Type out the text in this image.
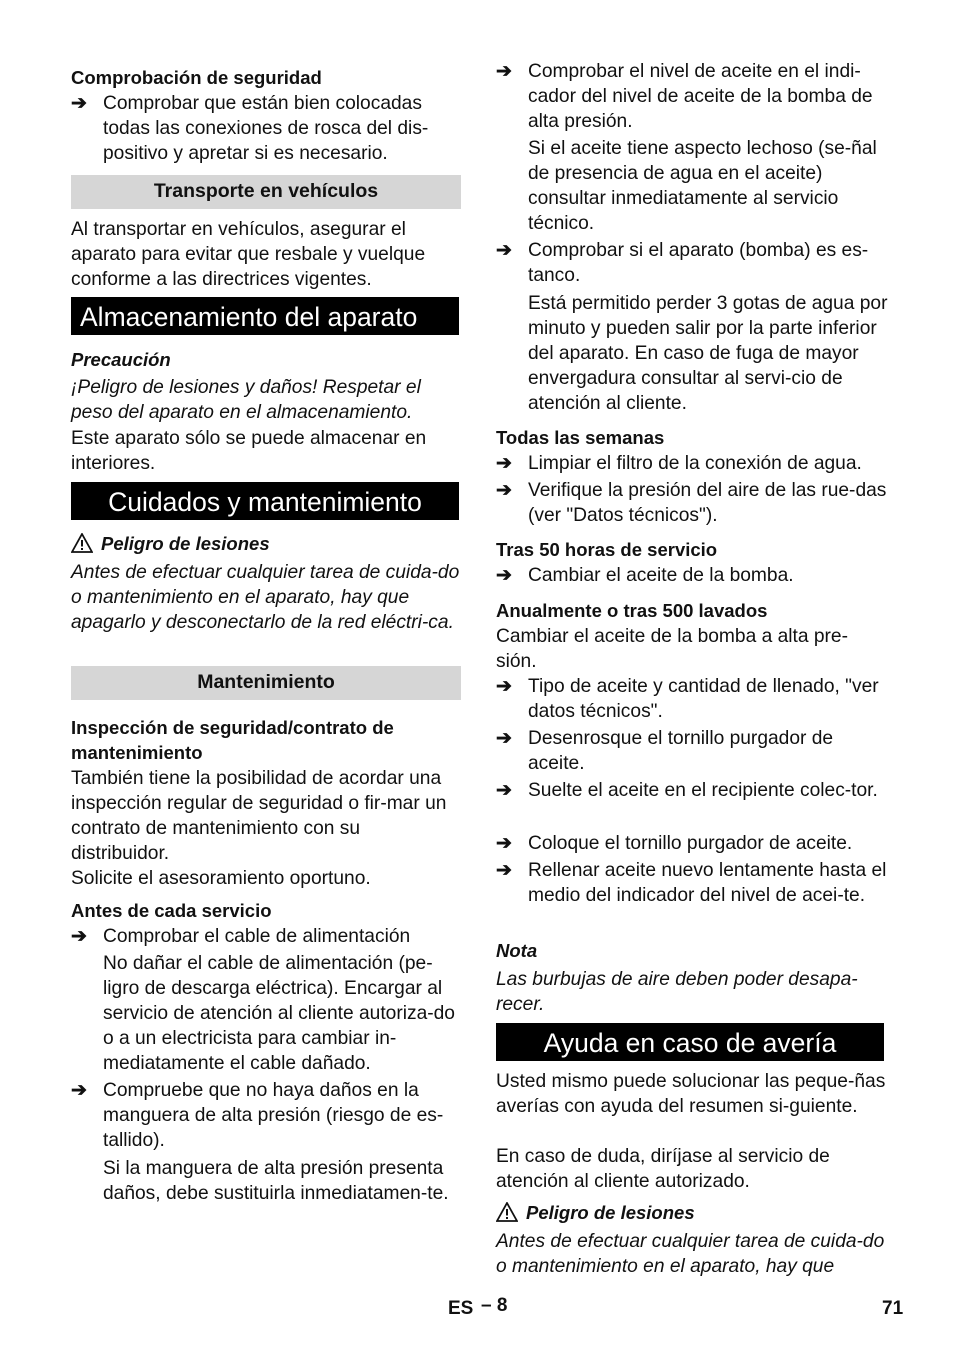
Comprobación de seguridad
➔ Comprobar que están bien colocadas todas las conexiones de rosca del dis-positivo y apretar si es necesario.
Transporte en vehículos
Al transportar en vehículos, asegurar el aparato para evitar que resbale y vuelque conforme a las directrices vigentes.
Almacenamiento del aparato
Precaución
¡Peligro de lesiones y daños! Respetar el peso del aparato en el almacenamiento.
Este aparato sólo se puede almacenar en interiores.
Cuidados y mantenimiento
Peligro de lesiones
Antes de efectuar cualquier tarea de cuida-do o mantenimiento en el aparato, hay que apagarlo y desconectarlo de la red eléctri-ca.
Mantenimiento
Inspección de seguridad/contrato de mantenimiento
También tiene la posibilidad de acordar una inspección regular de seguridad o fir-mar un contrato de mantenimiento con su distribuidor.
Solicite el asesoramiento oportuno.
Antes de cada servicio
➔ Comprobar el cable de alimentación
No dañar el cable de alimentación (pe-ligro de descarga eléctrica). Encargar al servicio de atención al cliente autoriza-do o a un electricista para cambiar in-mediatamente el cable dañado.
➔ Compruebe que no haya daños en la manguera de alta presión (riesgo de es-tallido).
Si la manguera de alta presión presenta daños, debe sustituirla inmediatamen-te.
➔ Comprobar el nivel de aceite en el indi-cador del nivel de aceite de la bomba de alta presión.
Si el aceite tiene aspecto lechoso (se-ñal de presencia de agua en el aceite) consultar inmediatamente al servicio técnico.
➔ Comprobar si el aparato (bomba) es es-tanco.
Está permitido perder 3 gotas de agua por minuto y pueden salir por la parte inferior del aparato. En caso de fuga de mayor envergadura consultar al servi-cio de atención al cliente.
Todas las semanas
➔ Limpiar el filtro de la conexión de agua.
➔ Verifique la presión del aire de las rue-das (ver "Datos técnicos").
Tras 50 horas de servicio
➔ Cambiar el aceite de la bomba.
Anualmente o tras 500 lavados
Cambiar el aceite de la bomba a alta pre-sión.
➔ Tipo de aceite y cantidad de llenado, "ver datos técnicos".
➔ Desenrosque el tornillo purgador de aceite.
➔ Suelte el aceite en el recipiente colec-tor.
➔ Coloque el tornillo purgador de aceite.
➔ Rellenar aceite nuevo lentamente hasta el medio del indicador del nivel de acei-te.
Nota
Las burbujas de aire deben poder desapa-recer.
Ayuda en caso de avería
Usted mismo puede solucionar las peque-ñas averías con ayuda del resumen si-guiente.
En caso de duda, diríjase al servicio de atención al cliente autorizado.
Peligro de lesiones
Antes de efectuar cualquier tarea de cuida-do o mantenimiento en el aparato, hay que
ES – 8	71
